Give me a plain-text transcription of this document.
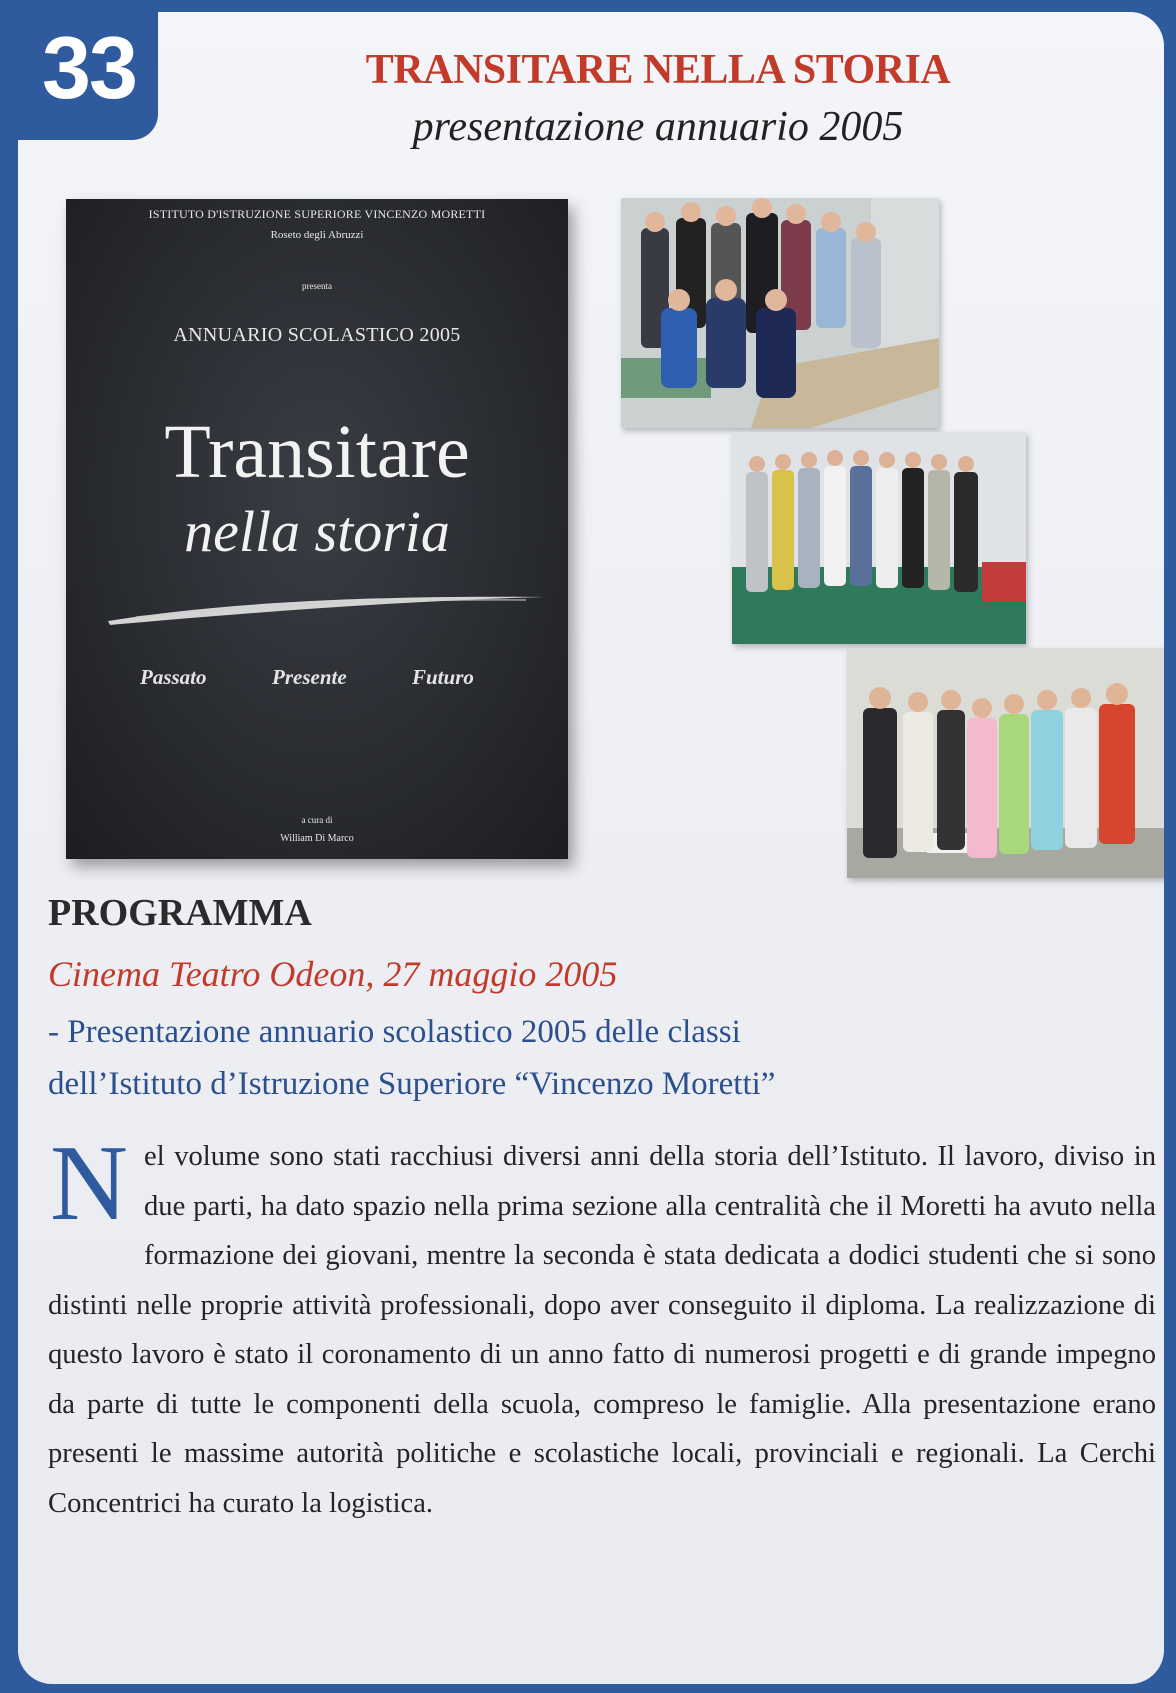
33	TRANSITARE NELLA STORIA
presentazione annuario 2005
ISTITUTO D'ISTRUZIONE SUPERIORE VINCENZO MORETTI
Roseto degli Abruzzi
presenta
ANNUARIO SCOLASTICO 2005
Transitare
nella storia
Passato	Presente	Futuro
a cura di
William Di Marco
PROGRAMMA
Cinema Teatro Odeon, 27 maggio 2005
- Presentazione annuario scolastico 2005 delle classi
dell’Istituto d’Istruzione Superiore “Vincenzo Moretti”
Nel volume sono stati racchiusi diversi anni della storia dell’Istituto. Il lavoro, diviso in due parti, ha dato spazio nella prima sezione alla centralità che il Moretti ha avuto nella formazione dei giovani, mentre la seconda è stata dedicata a dodici studenti che si sono distinti nelle proprie attività professionali, dopo aver conseguito il diploma. La realizzazione di questo lavoro è stato il coronamento di un anno fatto di numerosi progetti e di grande impegno da parte di tutte le componenti della scuola, compreso le famiglie. Alla presentazione erano presenti le massime autorità politiche e scolastiche locali, provinciali e regionali. La Cerchi Concentrici ha curato la logistica.
